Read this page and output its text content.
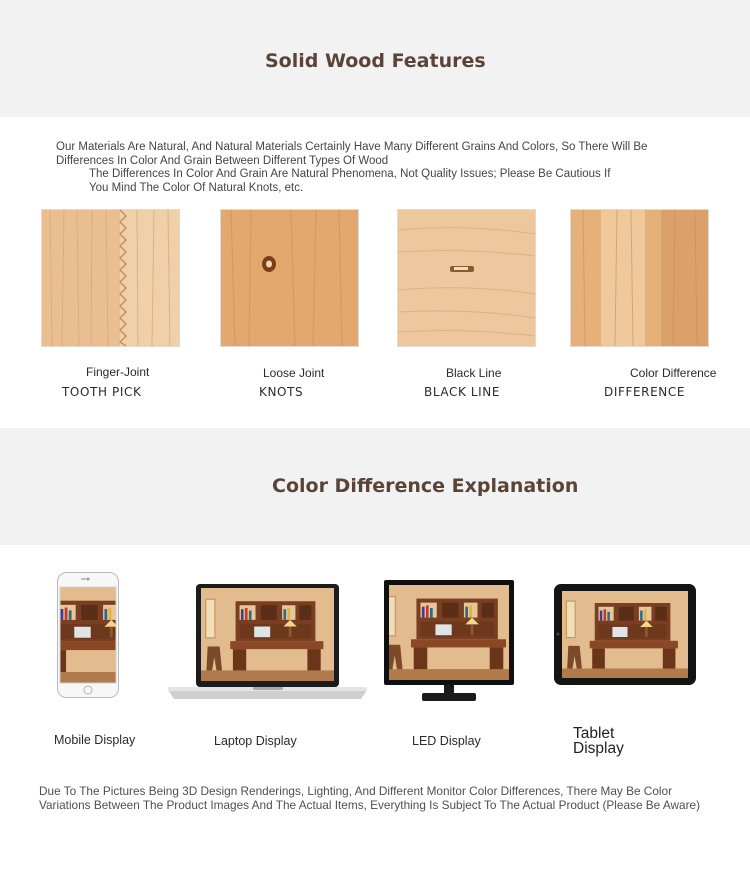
Solid Wood Features
Our Materials Are Natural, And Natural Materials Certainly Have Many Different Grains And Colors, So There Will Be
Differences In Color And Grain Between Different Types Of Wood
The Differences In Color And Grain Are Natural Phenomena, Not Quality Issues; Please Be Cautious If
You Mind The Color Of Natural Knots, etc.
Finger-Joint
TOOTH PICK
Loose Joint
KNOTS
Black Line
BLACK LINE
Color Difference
DIFFERENCE
Color Difference Explanation
Mobile Display	Laptop Display	LED Display	Tablet
Display
Due To The Pictures Being 3D Design Renderings, Lighting, And Different Monitor Color Differences, There May Be Color
Variations Between The Product Images And The Actual Items, Everything Is Subject To The Actual Product (Please Be Aware)
